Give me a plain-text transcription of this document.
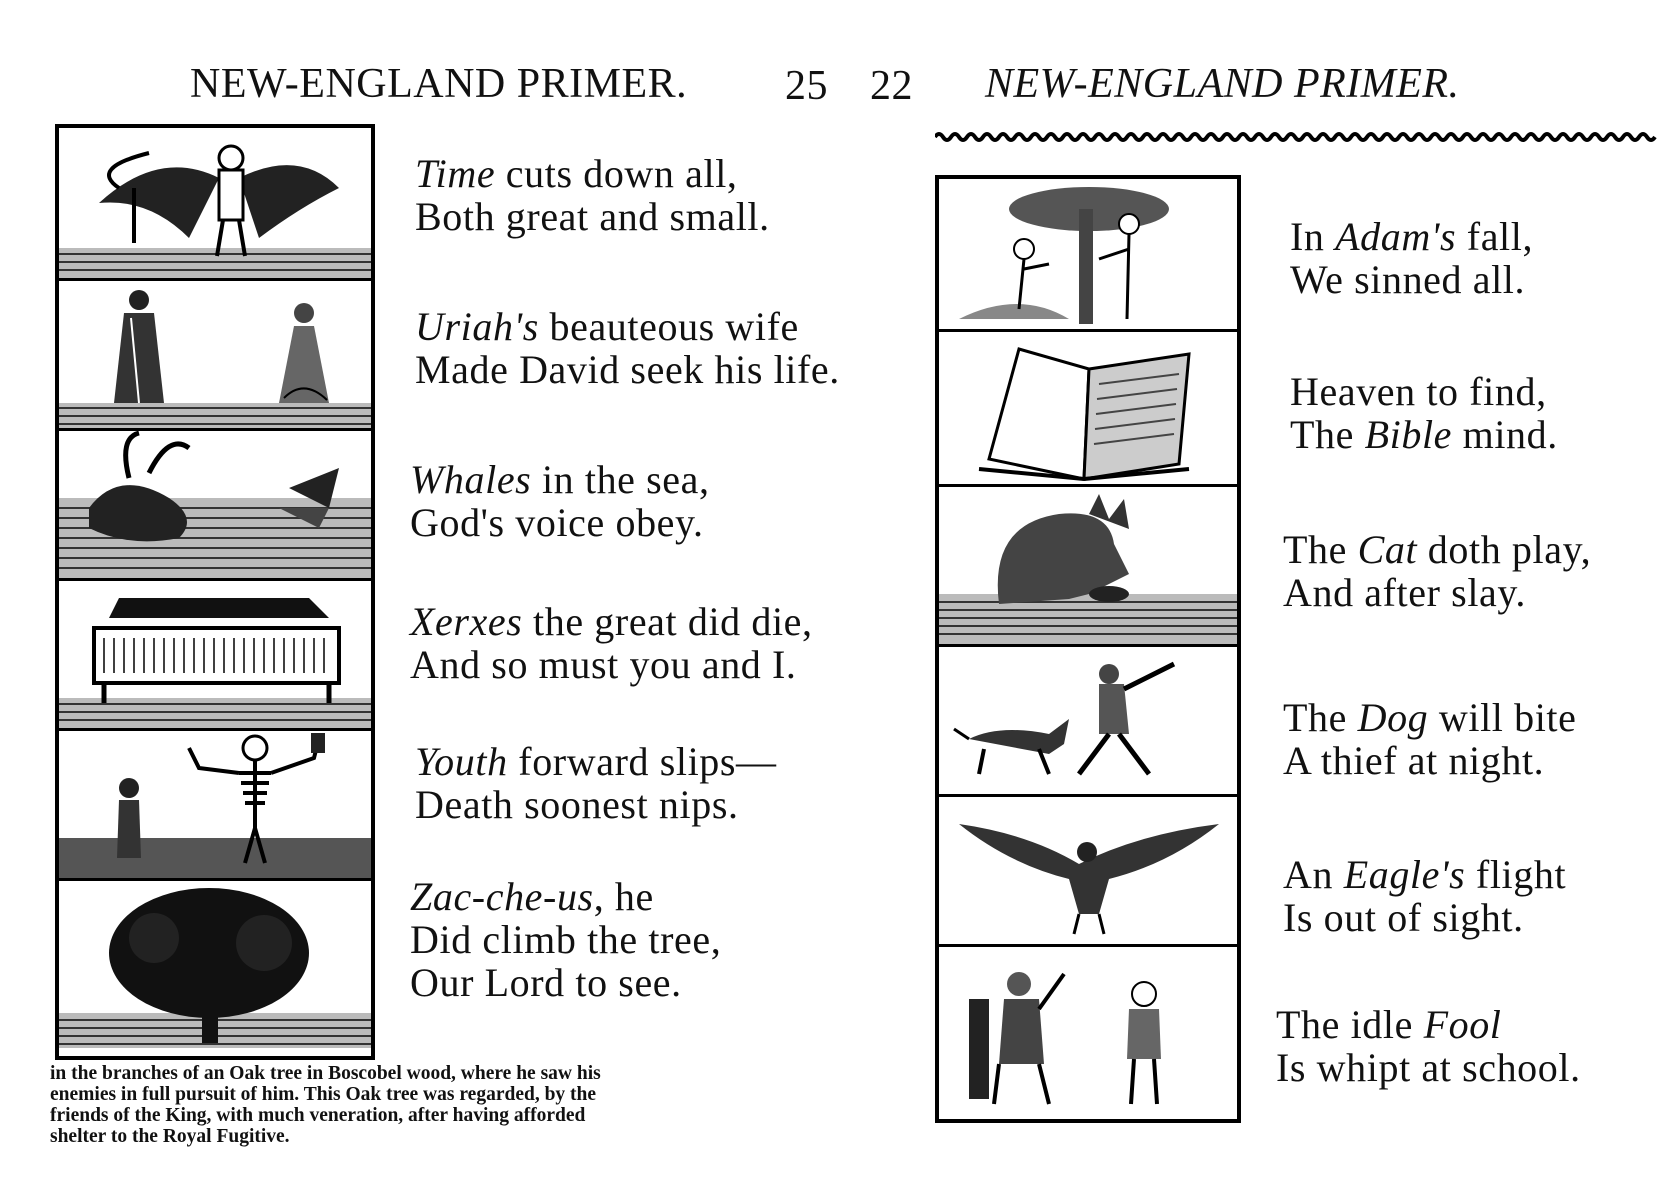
NEW-ENGLAND PRIMER. 25 22 NEW-ENGLAND PRIMER.
Time cuts down all,
Both great and small.
Uriah's beauteous wife
Made David seek his life.
Whales in the sea,
God's voice obey.
Xerxes the great did die,
And so must you and I.
Youth forward slips—
Death soonest nips.
Zac-che-us, he
Did climb the tree,
Our Lord to see.
in the branches of an Oak tree in Boscobel wood, where he saw his
enemies in full pursuit of him. This Oak tree was regarded, by the
friends of the King, with much veneration, after having afforded
shelter to the Royal Fugitive.
In Adam's fall,
We sinned all.
Heaven to find,
The Bible mind.
The Cat doth play,
And after slay.
The Dog will bite
A thief at night.
An Eagle's flight
Is out of sight.
The idle Fool
Is whipt at school.
